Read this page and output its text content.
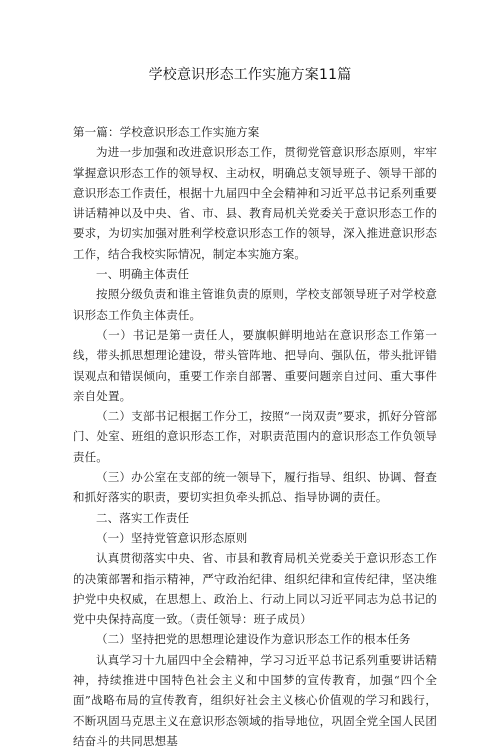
学校意识形态工作实施方案11篇

第一篇：学校意识形态工作实施方案

为进一步加强和改进意识形态工作，贯彻党管意识形态原则，牢牢掌握意识形态工作的领导权、主动权，明确总支领导班子、领导干部的意识形态工作责任，根据十九届四中全会精神和习近平总书记系列重要讲话精神以及中央、省、市、县、教育局机关党委关于意识形态工作的要求，为切实加强对胜利学校意识形态工作的领导，深入推进意识形态工作，结合我校实际情况，制定本实施方案。

一、明确主体责任

按照分级负责和谁主管谁负责的原则，学校支部领导班子对学校意识形态工作负主体责任。

（一）书记是第一责任人，要旗帜鲜明地站在意识形态工作第一线，带头抓思想理论建设，带头管阵地、把导向、强队伍，带头批评错误观点和错误倾向，重要工作亲自部署、重要问题亲自过问、重大事件亲自处置。

（二）支部书记根据工作分工，按照“一岗双责”要求，抓好分管部门、处室、班组的意识形态工作，对职责范围内的意识形态工作负领导责任。

（三）办公室在支部的统一领导下，履行指导、组织、协调、督查和抓好落实的职责，要切实担负牵头抓总、指导协调的责任。

二、落实工作责任

（一）坚持党管意识形态原则

认真贯彻落实中央、省、市县和教育局机关党委关于意识形态工作的决策部署和指示精神，严守政治纪律、组织纪律和宣传纪律，坚决维护党中央权威，在思想上、政治上、行动上同以习近平同志为总书记的党中央保持高度一致。（责任领导：班子成员）

（二）坚持把党的思想理论建设作为意识形态工作的根本任务

认真学习十九届四中全会精神，学习习近平总书记系列重要讲话精神，持续推进中国特色社会主义和中国梦的宣传教育，加强“四个全面”战略布局的宣传教育，组织好社会主义核心价值观的学习和践行，不断巩固马克思主义在意识形态领域的指导地位，巩固全党全国人民团结奋斗的共同思想基
